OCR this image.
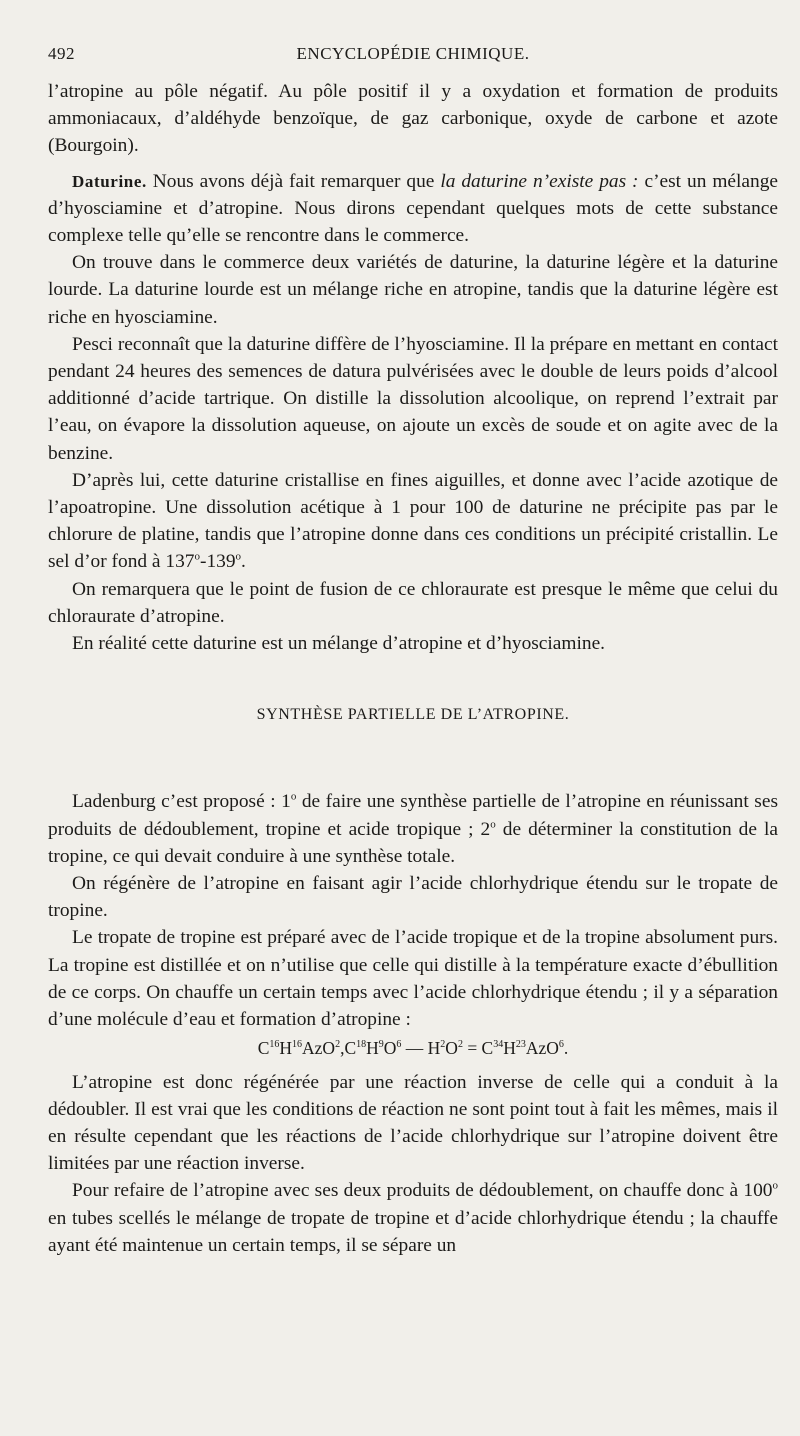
492	ENCYCLOPÉDIE CHIMIQUE.

l’atropine au pôle négatif. Au pôle positif il y a oxydation et formation de produits ammoniacaux, d’aldéhyde benzoïque, de gaz carbonique, oxyde de carbone et azote (Bourgoin).

Daturine. Nous avons déjà fait remarquer que la daturine n’existe pas : c’est un mélange d’hyosciamine et d’atropine. Nous dirons cependant quelques mots de cette substance complexe telle qu’elle se rencontre dans le commerce.

On trouve dans le commerce deux variétés de daturine, la daturine légère et la daturine lourde. La daturine lourde est un mélange riche en atropine, tandis que la daturine légère est riche en hyosciamine.

Pesci reconnaît que la daturine diffère de l’hyosciamine. Il la prépare en mettant en contact pendant 24 heures des semences de datura pulvérisées avec le double de leurs poids d’alcool additionné d’acide tartrique. On distille la dissolution alcoolique, on reprend l’extrait par l’eau, on évapore la dissolution aqueuse, on ajoute un excès de soude et on agite avec de la benzine.

D’après lui, cette daturine cristallise en fines aiguilles, et donne avec l’acide azotique de l’apoatropine. Une dissolution acétique à 1 pour 100 de daturine ne précipite pas par le chlorure de platine, tandis que l’atropine donne dans ces conditions un précipité cristallin. Le sel d’or fond à 137$^o$-139$^o$.

On remarquera que le point de fusion de ce chloraurate est presque le même que celui du chloraurate d’atropine.

En réalité cette daturine est un mélange d’atropine et d’hyosciamine.

SYNTHÈSE PARTIELLE DE L’ATROPINE.

Ladenburg c’est proposé : 1$^o$ de faire une synthèse partielle de l’atropine en réunissant ses produits de dédoublement, tropine et acide tropique ; 2$^o$ de déterminer la constitution de la tropine, ce qui devait conduire à une synthèse totale.

On régénère de l’atropine en faisant agir l’acide chlorhydrique étendu sur le tropate de tropine.

Le tropate de tropine est préparé avec de l’acide tropique et de la tropine absolument purs. La tropine est distillée et on n’utilise que celle qui distille à la température exacte d’ébullition de ce corps. On chauffe un certain temps avec l’acide chlorhydrique étendu ; il y a séparation d’une molécule d’eau et formation d’atropine :

$C^{16}H^{16}AzO^2,C^{18}H^9O^6$ — $H^2O^2 = C^{34}H^{23}AzO^6$.

L’atropine est donc régénérée par une réaction inverse de celle qui a conduit à la dédoubler. Il est vrai que les conditions de réaction ne sont point tout à fait les mêmes, mais il en résulte cependant que les réactions de l’acide chlorhydrique sur l’atropine doivent être limitées par une réaction inverse.

Pour refaire de l’atropine avec ses deux produits de dédoublement, on chauffe donc à 100$^o$ en tubes scellés le mélange de tropate de tropine et d’acide chlorhydrique étendu ; la chauffe ayant été maintenue un certain temps, il se sépare un
